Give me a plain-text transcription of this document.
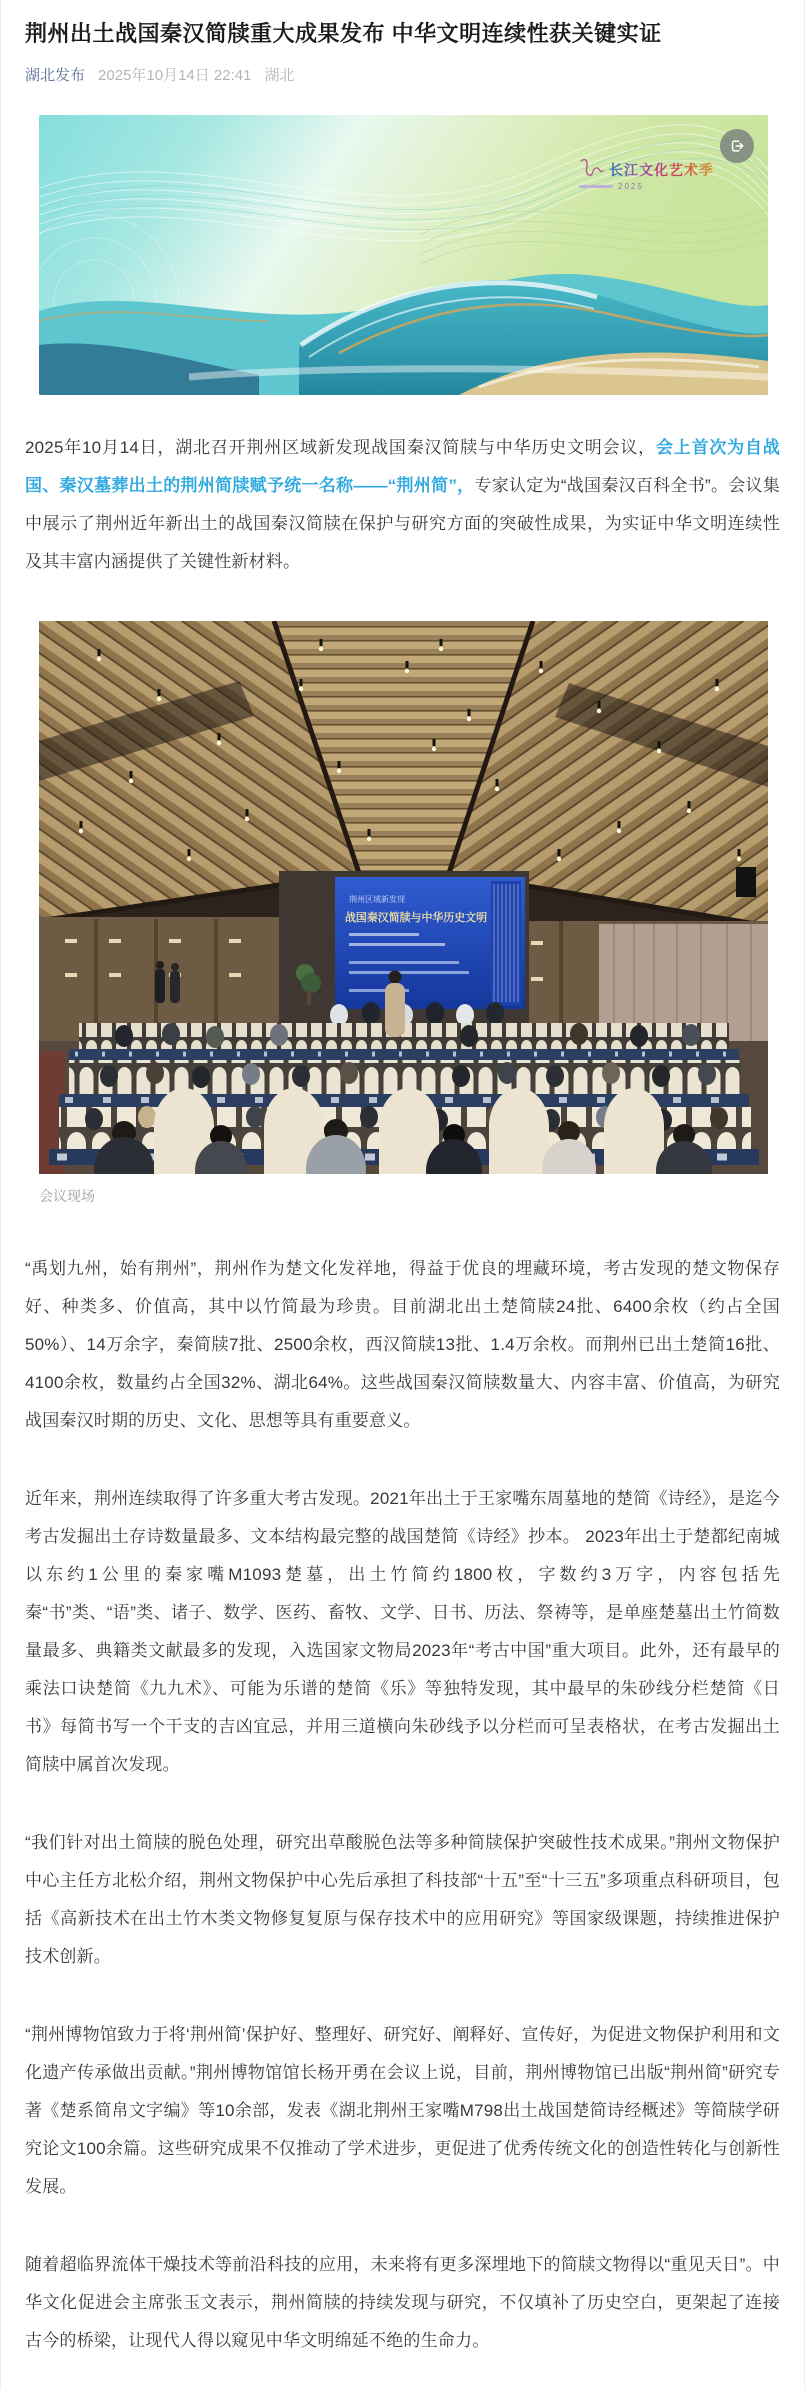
荆州出土战国秦汉简牍重大成果发布 中华文明连续性获关键实证
湖北发布 2025年10月14日 22:41 湖北
长江文化艺术季
2025

2025年10月14日，湖北召开荆州区域新发现战国秦汉简牍与中华历史文明会议，会上首次为自战国、秦汉墓葬出土的荆州简牍赋予统一名称——“荆州简”，专家认定为“战国秦汉百科全书”。会议集中展示了荆州近年新出土的战国秦汉简牍在保护与研究方面的突破性成果，为实证中华文明连续性及其丰富内涵提供了关键性新材料。

荆州区域新发现
战国秦汉简牍与中华历史文明
会议现场

“禹划九州，始有荆州”，荆州作为楚文化发祥地，得益于优良的埋藏环境，考古发现的楚文物保存好、种类多、价值高，其中以竹简最为珍贵。目前湖北出土楚简牍24批、6400余枚（约占全国50%）、14万余字，秦简牍7批、2500余枚，西汉简牍13批、1.4万余枚。而荆州已出土楚简16批、4100余枚，数量约占全国32%、湖北64%。这些战国秦汉简牍数量大、内容丰富、价值高，为研究战国秦汉时期的历史、文化、思想等具有重要意义。

近年来，荆州连续取得了许多重大考古发现。2021年出土于王家嘴东周墓地的楚简《诗经》，是迄今考古发掘出土存诗数量最多、文本结构最完整的战国楚简《诗经》抄本。 2023年出土于楚都纪南城以东约1公里的秦家嘴M1093楚墓，出土竹简约1800枚，字数约3万字，内容包括先秦“书”类、“语”类、诸子、数学、医药、畜牧、文学、日书、历法、祭祷等，是单座楚墓出土竹简数量最多、典籍类文献最多的发现，入选国家文物局2023年“考古中国”重大项目。此外，还有最早的乘法口诀楚简《九九术》、可能为乐谱的楚简《乐》等独特发现，其中最早的朱砂线分栏楚简《日书》每简书写一个干支的吉凶宜忌，并用三道横向朱砂线予以分栏而可呈表格状，在考古发掘出土简牍中属首次发现。

“我们针对出土简牍的脱色处理，研究出草酸脱色法等多种简牍保护突破性技术成果。”荆州文物保护中心主任方北松介绍，荆州文物保护中心先后承担了科技部“十五”至“十三五”多项重点科研项目，包括《高新技术在出土竹木类文物修复复原与保存技术中的应用研究》等国家级课题，持续推进保护技术创新。

“荆州博物馆致力于将‘荆州简’保护好、整理好、研究好、阐释好、宣传好，为促进文物保护利用和文化遗产传承做出贡献。”荆州博物馆馆长杨开勇在会议上说，目前，荆州博物馆已出版“荆州简”研究专著《楚系简帛文字编》等10余部，发表《湖北荆州王家嘴M798出土战国楚简诗经概述》等简牍学研究论文100余篇。这些研究成果不仅推动了学术进步，更促进了优秀传统文化的创造性转化与创新性发展。

随着超临界流体干燥技术等前沿科技的应用，未来将有更多深埋地下的简牍文物得以“重见天日”。中华文化促进会主席张玉文表示，荆州简牍的持续发现与研究，不仅填补了历史空白，更架起了连接古今的桥梁，让现代人得以窥见中华文明绵延不绝的生命力。
